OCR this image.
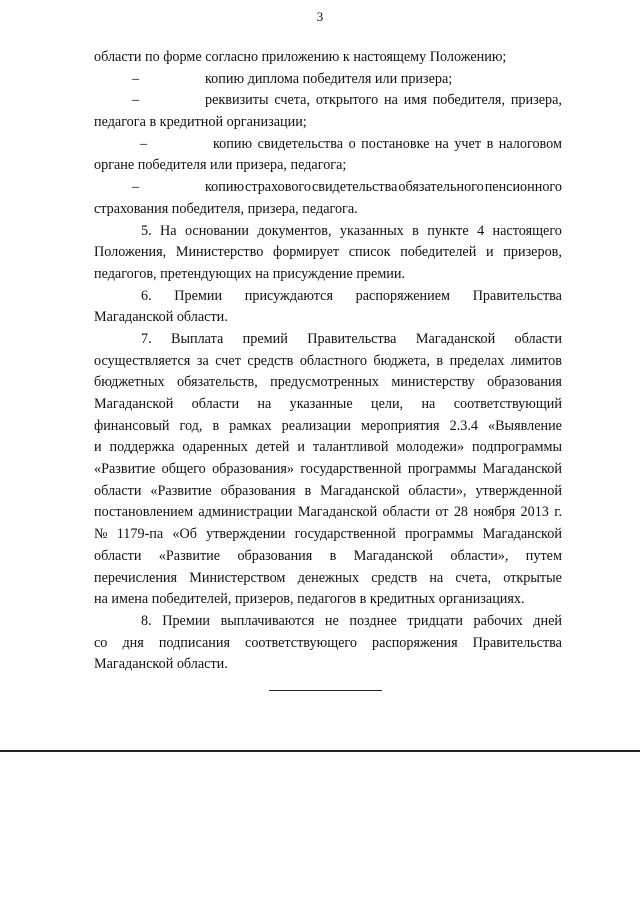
3
области по форме согласно приложению к настоящему Положению;
–	копию диплома победителя или призера;
–	реквизиты счета, открытого на имя победителя, призера,
педагога в кредитной организации;
–	копию свидетельства о постановке на учет в налоговом
органе победителя или призера, педагога;
–	копию страхового свидетельства обязательного пенсионного
страхования победителя, призера, педагога.
5. На основании документов, указанных в пункте 4 настоящего
Положения, Министерство формирует список победителей и призеров,
педагогов, претендующих на присуждение премии.
6. Премии присуждаются распоряжением Правительства
Магаданской области.
7. Выплата премий Правительства Магаданской области
осуществляется за счет средств областного бюджета, в пределах лимитов
бюджетных обязательств, предусмотренных министерству образования
Магаданской области на указанные цели, на соответствующий
финансовый год, в рамках реализации мероприятия 2.3.4 «Выявление
и поддержка одаренных детей и талантливой молодежи» подпрограммы
«Развитие общего образования» государственной программы Магаданской
области «Развитие образования в Магаданской области», утвержденной
постановлением администрации Магаданской области от 28 ноября 2013 г.
№ 1179-па «Об утверждении государственной программы Магаданской
области «Развитие образования в Магаданской области», путем
перечисления Министерством денежных средств на счета, открытые
на имена победителей, призеров, педагогов в кредитных организациях.
8. Премии выплачиваются не позднее тридцати рабочих дней
со дня подписания соответствующего распоряжения Правительства
Магаданской области.
